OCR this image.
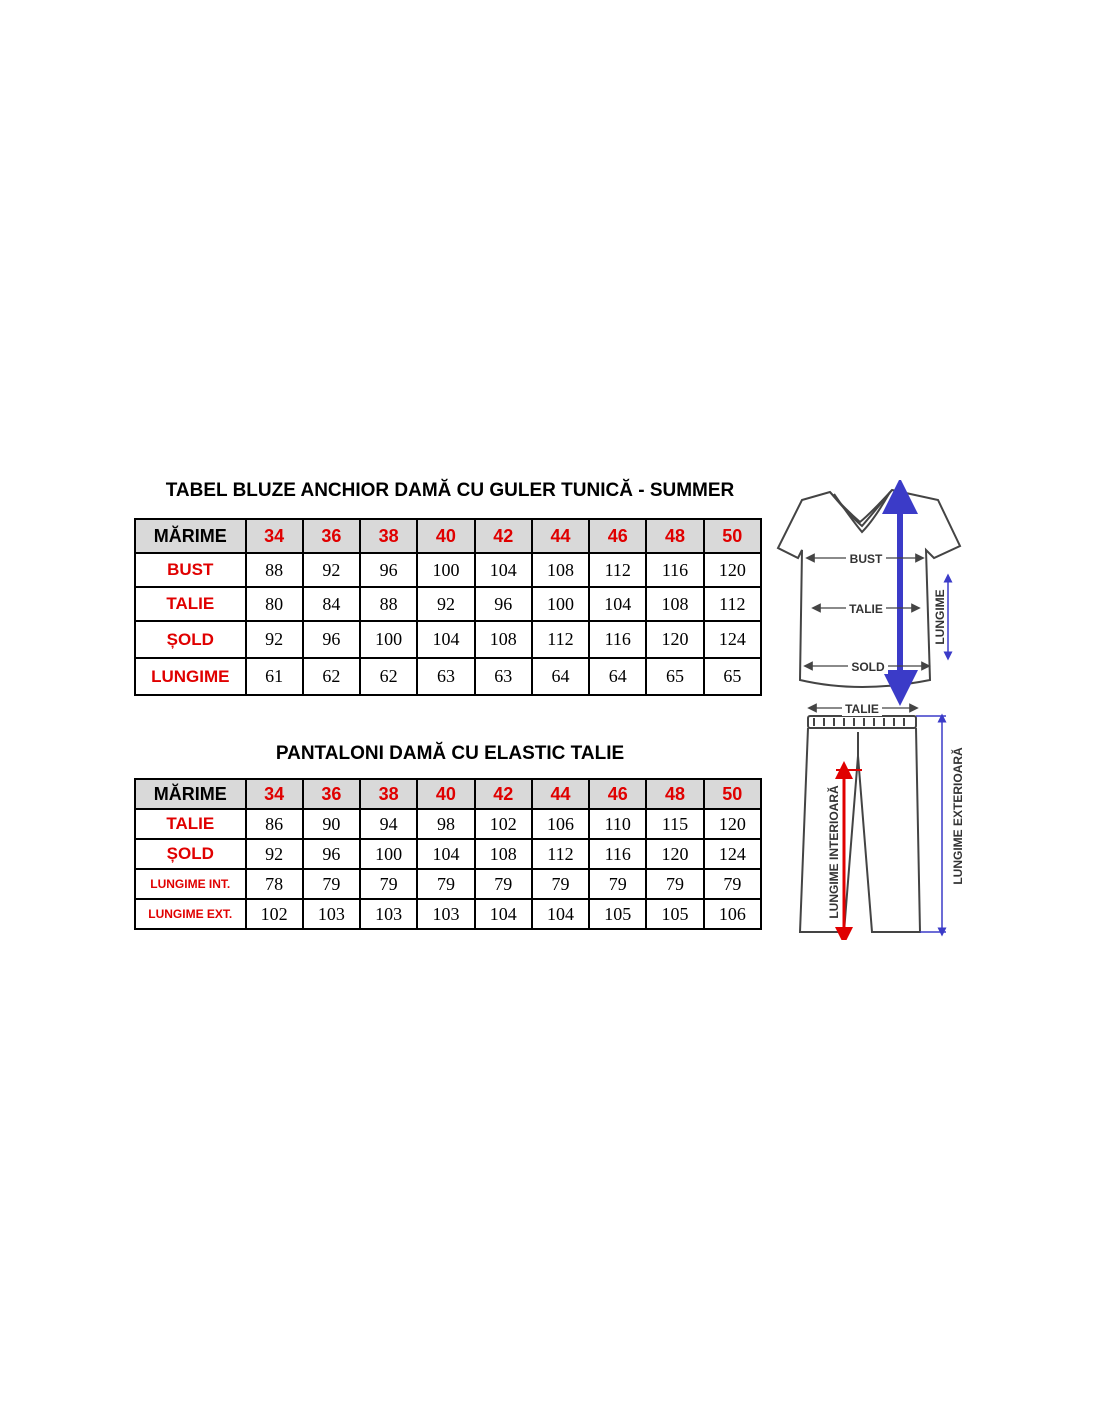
TABEL BLUZE ANCHIOR DAMĂ CU GULER TUNICĂ - SUMMER
MĂRIME	34	36	38	40	42	44	46	48	50
BUST	88	92	96	100	104	108	112	116	120
TALIE	80	84	88	92	96	100	104	108	112
ȘOLD	92	96	100	104	108	112	116	120	124
LUNGIME	61	62	62	63	63	64	64	65	65
PANTALONI DAMĂ CU ELASTIC TALIE
MĂRIME	34	36	38	40	42	44	46	48	50
TALIE	86	90	94	98	102	106	110	115	120
ȘOLD	92	96	100	104	108	112	116	120	124
LUNGIME INT.	78	79	79	79	79	79	79	79	79
LUNGIME EXT.	102	103	103	103	104	104	105	105	106
BUST
TALIE
SOLD
LUNGIME
TALIE
LUNGIME INTERIOARĂ	LUNGIME EXTERIOARĂ
